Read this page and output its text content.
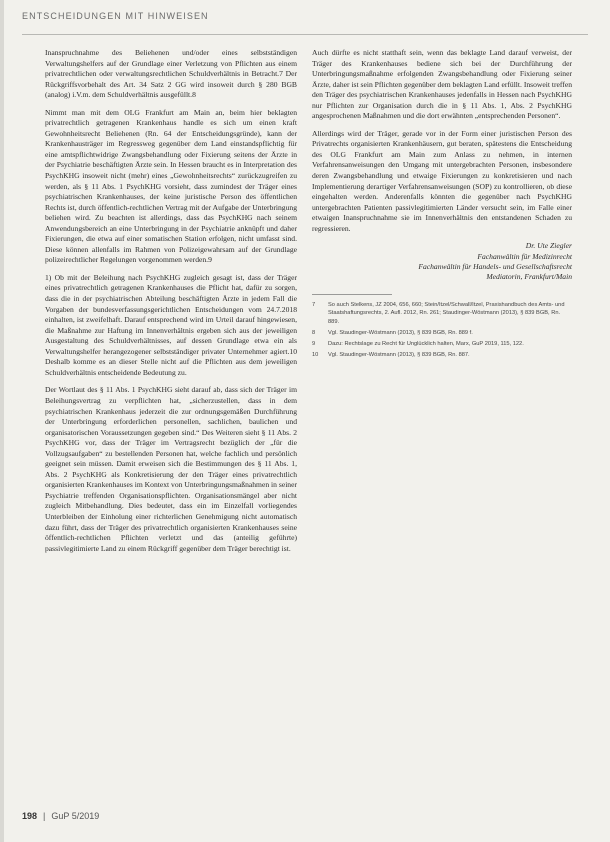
ENTSCHEIDUNGEN MIT HINWEISEN

Inanspruchnahme des Beliehenen und/oder eines selbstständigen Verwaltungshelfers auf der Grundlage einer Verletzung von Pflichten aus einem privatrechtlichen oder verwaltungsrechtlichen Schuldverhältnis in Betracht.7 Der Rückgriffsvorbehalt des Art. 34 Satz 2 GG wird insoweit durch § 280 BGB (analog) i.V.m. dem Schuldverhältnis ausgefüllt.8

Nimmt man mit dem OLG Frankfurt am Main an, beim hier beklagten privatrechtlich getragenen Krankenhaus handle es sich um einen kraft Gewohnheitsrecht Beliehenen (Rn. 64 der Entscheidungsgründe), kann der Krankenhausträger im Regressweg gegenüber dem Land einstandspflichtig für eine amtspflichtwidrige Zwangsbehandlung oder Fixierung seitens der Ärzte in der Psychiatrie beschäftigten Ärzte sein. In Hessen braucht es in Interpretation des PsychKHG insoweit nicht (mehr) eines „Gewohnheitsrechts“ zurückzugreifen zu werden, als § 11 Abs. 1 PsychKHG vorsieht, dass zumindest der Träger eines psychiatrischen Krankenhauses, der keine juristische Person des öffentlichen Rechts ist, durch öffentlich-rechtlichen Vertrag mit der Aufgabe der Unterbringung beliehen wird. Zu beachten ist allerdings, dass das PsychKHG nach seinem Anwendungsbereich an eine Unterbringung in der Psychiatrie anknüpft und daher Fixierungen, die etwa auf einer somatischen Station erfolgen, nicht umfasst sind. Diese können allenfalls im Rahmen von Polizeigewahrsam auf der Grundlage polizeirechtlicher Regelungen vorgenommen werden.9

1) Ob mit der Beleihung nach PsychKHG zugleich gesagt ist, dass der Träger eines privatrechtlich getragenen Krankenhauses die Pflicht hat, dafür zu sorgen, dass die in der psychiatrischen Abteilung beschäftigten Ärzte in jedem Fall die Vorgaben der bundesverfassungsgerichtlichen Entscheidungen vom 24.7.2018 einhalten, ist zweifelhaft. Darauf entsprechend wird im Urteil darauf hingewiesen, die Maßnahme zur Haftung im Innenverhältnis ergeben sich aus der jeweiligen Ausgestaltung des Schuldverhältnisses, auf dessen Grundlage etwa ein als Verwaltungshelfer herangezogener selbstständiger privater Unternehmer agiert.10 Deshalb komme es an dieser Stelle nicht auf die Pflichten aus dem jeweiligen Schuldverhältnis entscheidende Bedeutung zu.

Der Wortlaut des § 11 Abs. 1 PsychKHG sieht darauf ab, dass sich der Träger im Beleihungsvertrag zu verpflichten hat, „sicherzustellen, dass in dem psychiatrischen Krankenhaus jederzeit die zur ordnungsgemäßen Durchführung der Unterbringung erforderlichen personellen, sachlichen, baulichen und organisatorischen Voraussetzungen gegeben sind.“ Des Weiteren sieht § 11 Abs. 2 PsychKHG vor, dass der Träger im Vertragsrecht bezüglich der „für die Vollzugsaufgaben“ zu bestellenden Personen hat, welche fachlich und persönlich geeignet sein müssen. Damit erweisen sich die Bestimmungen des § 11 Abs. 1, Abs. 2 PsychKHG als Konkretisierung der den Träger eines privatrechtlich organisierten Krankenhauses im Kontext von Unterbringungsmaßnahmen in seiner Psychiatrie treffenden Organisationspflichten. Organisationsmängel aber nicht zugleich Mitbehandlung. Dies bedeutet, dass ein im Einzelfall vorliegendes Unterbleiben der Einholung einer richterlichen Genehmigung nicht automatisch dazu führt, dass der Träger des privatrechtlich organisierten Krankenhauses seine öffentlich-rechtlichen Pflichten verletzt und das (anteilig geführte) passivlegitimierte Land zu einem Rückgriff gegenüber dem Träger berechtigt ist.

Auch dürfte es nicht statthaft sein, wenn das beklagte Land darauf verweist, der Träger des Krankenhauses bediene sich bei der Durchführung der Unterbringungsmaßnahme erfolgenden Zwangsbehandlung oder Fixierung seiner Ärzte, daher ist sein Pflichten gegenüber dem beklagten Land erfüllt. Insoweit treffen den Träger des psychiatrischen Krankenhauses jedenfalls in Hessen nach PsychKHG nur Pflichten zur Organisation durch die in § 11 Abs. 1, Abs. 2 PsychKHG angesprochenen Maßnahmen und die dort erwähnten „entsprechenden Personen“.

Allerdings wird der Träger, gerade vor in der Form einer juristischen Person des Privatrechts organisierten Krankenhäusern, gut beraten, spätestens die Entscheidung des OLG Frankfurt am Main zum Anlass zu nehmen, in internen Verfahrensanweisungen den Umgang mit untergebrachten Personen, insbesondere deren Zwangsbehandlung und etwaige Fixierungen zu konkretisieren und nach Implementierung derartiger Verfahrensanweisungen (SOP) zu kontrollieren, ob diese eingehalten werden. Anderenfalls könnten die gegenüber nach PsychKHG untergebrachten Patienten passivlegitimierten Länder versucht sein, im Falle einer etwaigen Inanspruchnahme sie im Innenverhältnis den entstandenen Schaden zu regressieren.

Dr. Ute Ziegler
Fachanwältin für Medizinrecht
Fachanwältin für Handels- und Gesellschaftsrecht
Mediatorin, Frankfurt/Main
7	So auch Stelkens, JZ 2004, 656, 660; Stein/Itzel/Schwall/Itzel, Praxishandbuch des Amts- und Staatshaftungsrechts, 2. Aufl. 2012, Rn. 261; Staudinger-Wöstmann (2013), § 839 BGB, Rn. 889.
8	Vgl. Staudinger-Wöstmann (2013), § 839 BGB, Rn. 889 f.
9	Dazu: Rechtslage zu Recht für Unglücklich halten, Marx, GuP 2019, 115, 122.
10 Vgl. Staudinger-Wöstmann (2013), § 839 BGB, Rn. 887.
198 | GuP 5/2019
